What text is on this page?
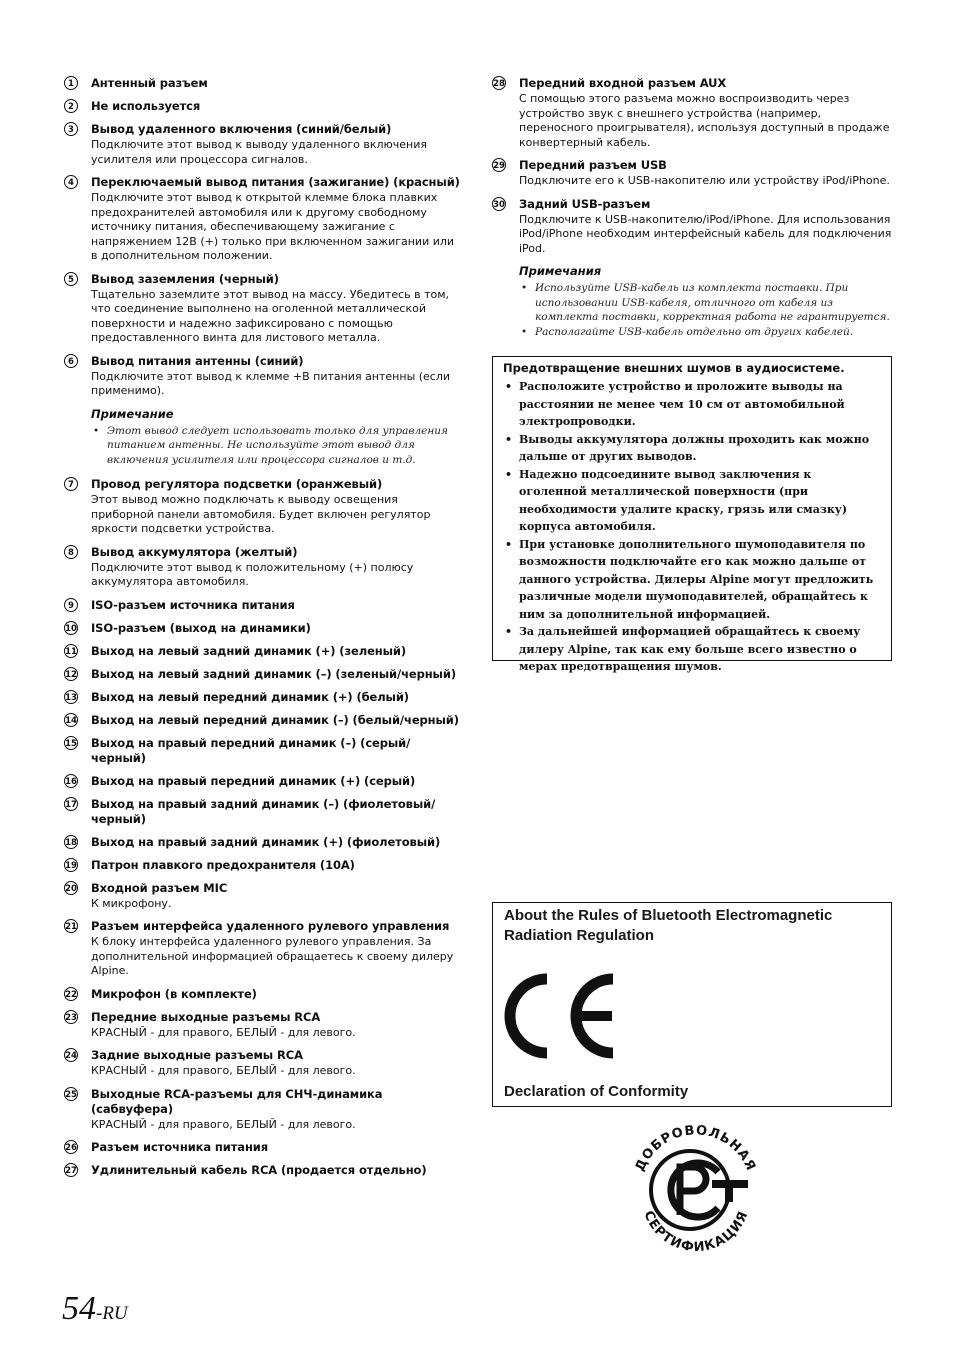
1	Антенный разъем
2	Не используется
3	Вывод удаленного включения (синий/белый)
Подключите этот вывод к выводу удаленного включения усилителя или процессора сигналов.
4	Переключаемый вывод питания (зажигание) (красный)
Подключите этот вывод к открытой клемме блока плавких предохранителей автомобиля или к другому свободному источнику питания, обеспечивающему зажигание с напряжением 12В (+) только при включенном зажигании или в дополнительном положении.
5	Вывод заземления (черный)
Тщательно заземлите этот вывод на массу. Убедитесь в том, что соединение выполнено на оголенной металлической поверхности и надежно зафиксировано с помощью предоставленного винта для листового металла.
6	Вывод питания антенны (синий)
Подключите этот вывод к клемме +B питания антенны (если применимо).
Примечание
• Этот вывод следует использовать только для управления питанием антенны. Не используйте этот вывод для включения усилителя или процессора сигналов и т.д.
7	Провод регулятора подсветки (оранжевый)
Этот вывод можно подключать к выводу освещения приборной панели автомобиля. Будет включен регулятор яркости подсветки устройства.
8	Вывод аккумулятора (желтый)
Подключите этот вывод к положительному (+) полюсу аккумулятора автомобиля.
9	ISO-разъем источника питания
10 ISO-разъем (выход на динамики)
11 Выход на левый задний динамик (+) (зеленый)
12 Выход на левый задний динамик (–) (зеленый/черный)
13 Выход на левый передний динамик (+) (белый)
14 Выход на левый передний динамик (–) (белый/черный)
15 Выход на правый передний динамик (–) (серый/черный)
16 Выход на правый передний динамик (+) (серый)
17 Выход на правый задний динамик (–) (фиолетовый/черный)
18 Выход на правый задний динамик (+) (фиолетовый)
19 Патрон плавкого предохранителя (10A)
20 Входной разъем MIC
К микрофону.
21 Разъем интерфейса удаленного рулевого управления
К блоку интерфейса удаленного рулевого управления. За дополнительной информацией обращаетесь к своему дилеру Alpine.
22 Микрофон (в комплекте)
23 Передние выходные разъемы RCA
КРАСНЫЙ - для правого, БЕЛЫЙ - для левого.
24 Задние выходные разъемы RCA
КРАСНЫЙ - для правого, БЕЛЫЙ - для левого.
25 Выходные RCA-разъемы для СНЧ-динамика (сабвуфера)
КРАСНЫЙ - для правого, БЕЛЫЙ - для левого.
26 Разъем источника питания
27 Удлинительный кабель RCA (продается отдельно)
28 Передний входной разъем AUX
С помощью этого разъема можно воспроизводить через устройство звук с внешнего устройства (например, переносного проигрывателя), используя доступный в продаже конвертерный кабель.
29 Передний разъем USB
Подключите его к USB-накопителю или устройству iPod/iPhone.
30 Задний USB-разъем
Подключите к USB-накопителю/iPod/iPhone. Для использования iPod/iPhone необходим интерфейсный кабель для подключения iPod.
Примечания
• Используйте USB-кабель из комплекта поставки. При использовании USB-кабеля, отличного от кабеля из комплекта поставки, корректная работа не гарантируется.
• Располагайте USB-кабель отдельно от других кабелей.
Предотвращение внешних шумов в аудиосистеме.
• Расположите устройство и проложите выводы на расстоянии не менее чем 10 см от автомобильной электропроводки.
• Выводы аккумулятора должны проходить как можно дальше от других выводов.
• Надежно подсоедините вывод заключения к оголенной металлической поверхности (при необходимости удалите краску, грязь или смазку) корпуса автомобиля.
• При установке дополнительного шумоподавителя по возможности подключайте его как можно дальше от данного устройства. Дилеры Alpine могут предложить различные модели шумоподавителей, обращайтесь к ним за дополнительной информацией.
• За дальнейшей информацией обращайтесь к своему дилеру Alpine, так как ему больше всего известно о мерах предотвращения шумов.
About the Rules of Bluetooth Electromagnetic Radiation Regulation
Declaration of Conformity
ДОБРОВОЛЬНАЯ
СЕРТИФИКАЦИЯ
54-RU
